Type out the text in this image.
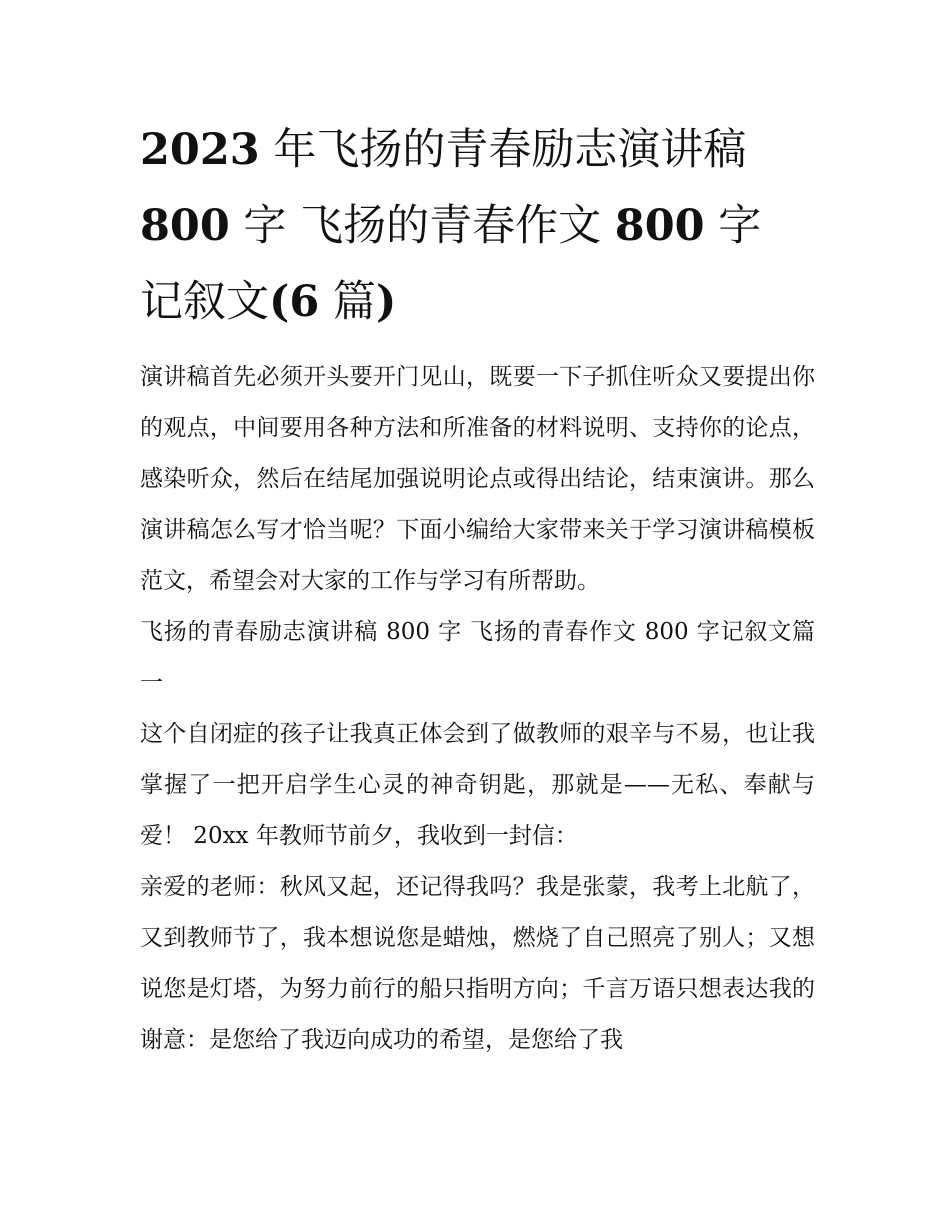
2023 年飞扬的青春励志演讲稿
800 字 飞扬的青春作文 800 字
记叙文(6 篇)

演讲稿首先必须开头要开门见山，既要一下子抓住听众又要提出你的观点，中间要用各种方法和所准备的材料说明、支持你的论点，感染听众，然后在结尾加强说明论点或得出结论，结束演讲。那么演讲稿怎么写才恰当呢？下面小编给大家带来关于学习演讲稿模板范文，希望会对大家的工作与学习有所帮助。

飞扬的青春励志演讲稿 800 字 飞扬的青春作文 800 字记叙文篇一

这个自闭症的孩子让我真正体会到了做教师的艰辛与不易，也让我掌握了一把开启学生心灵的神奇钥匙，那就是——无私、奉献与爱！ 20xx 年教师节前夕，我收到一封信：

亲爱的老师：秋风又起，还记得我吗？我是张蒙，我考上北航了，又到教师节了，我本想说您是蜡烛，燃烧了自己照亮了别人；又想说您是灯塔，为努力前行的船只指明方向；千言万语只想表达我的谢意：是您给了我迈向成功的希望，是您给了我
